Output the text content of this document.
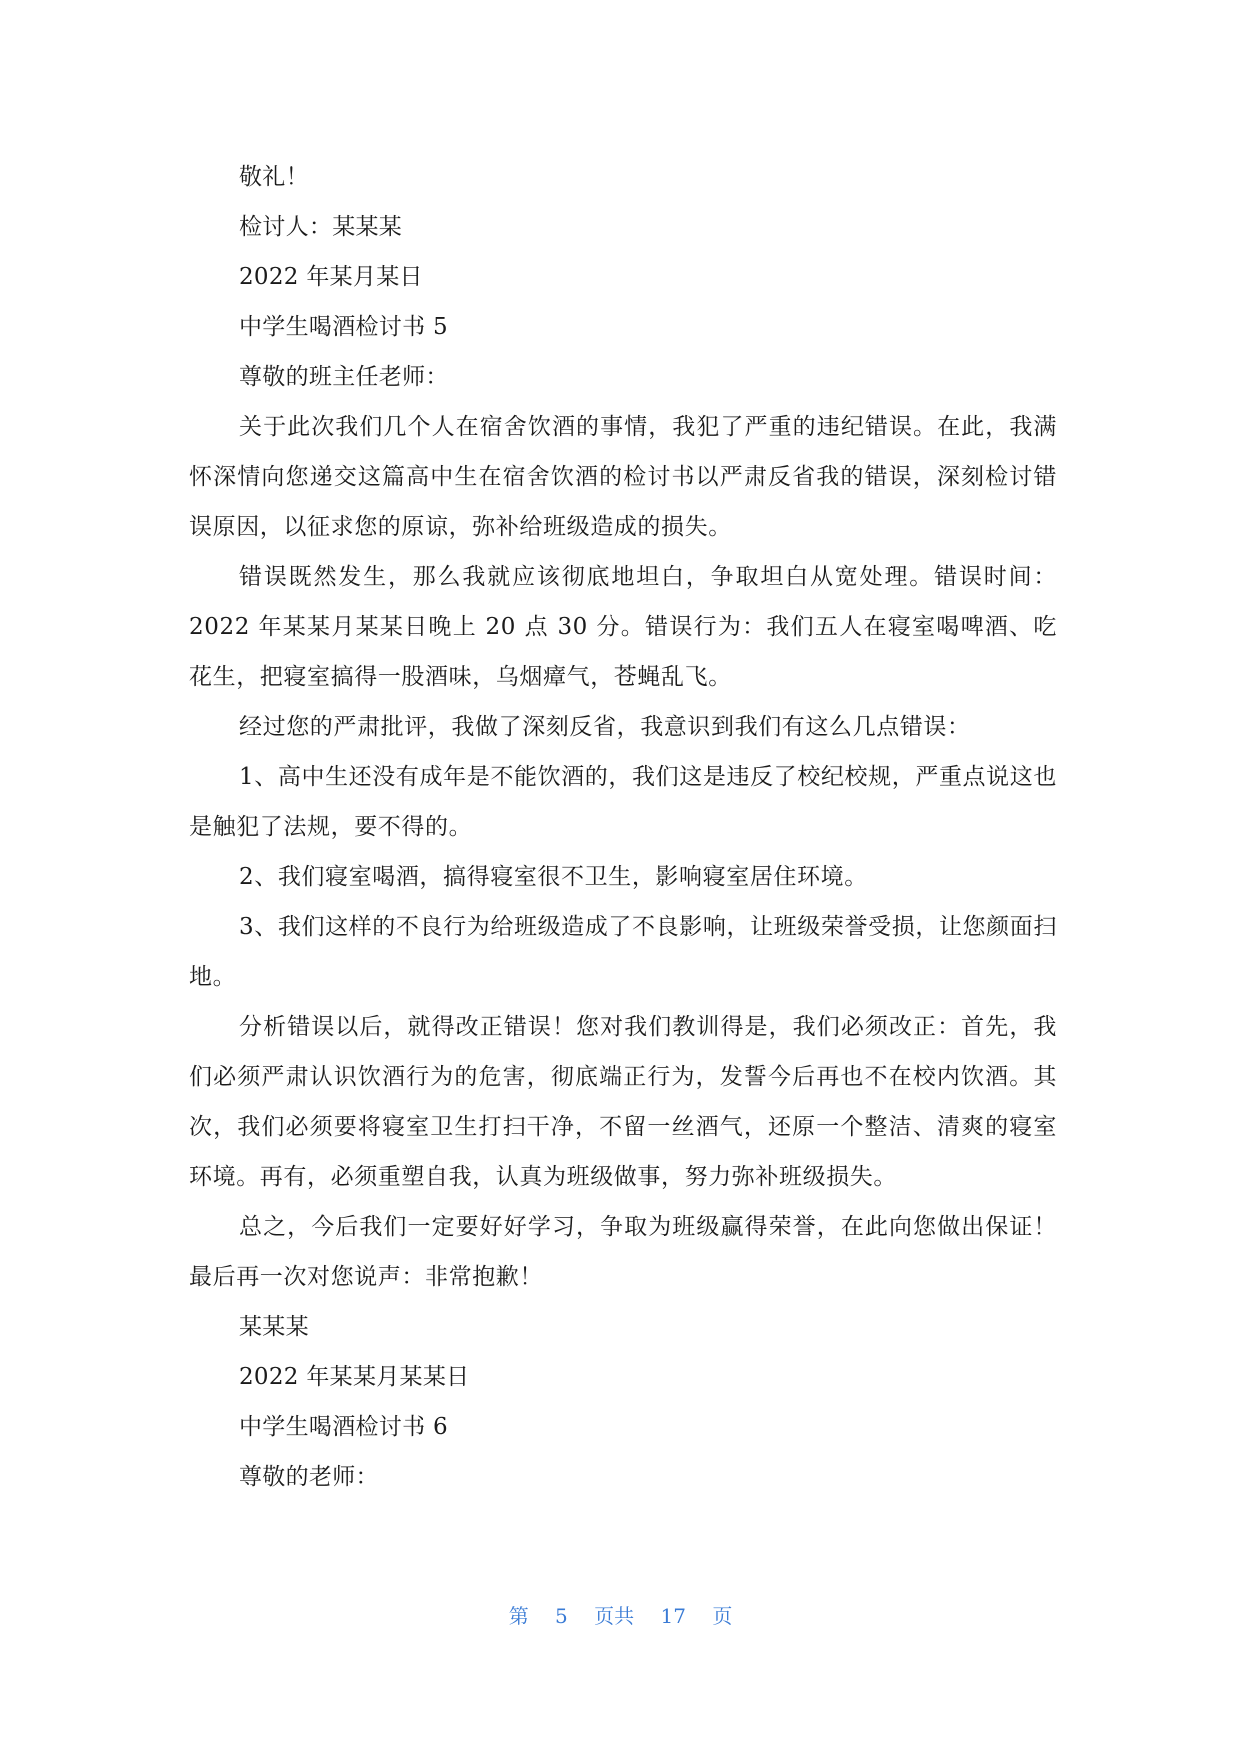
敬礼！
检讨人：某某某
2022 年某月某日
中学生喝酒检讨书 5
尊敬的班主任老师：

关于此次我们几个人在宿舍饮酒的事情，我犯了严重的违纪错误。在此，我满怀深情向您递交这篇高中生在宿舍饮酒的检讨书以严肃反省我的错误，深刻检讨错误原因，以征求您的原谅，弥补给班级造成的损失。

错误既然发生，那么我就应该彻底地坦白，争取坦白从宽处理。错误时间：2022 年某某月某某日晚上 20 点 30 分。错误行为：我们五人在寝室喝啤酒、吃花生，把寝室搞得一股酒味，乌烟瘴气，苍蝇乱飞。

经过您的严肃批评，我做了深刻反省，我意识到我们有这么几点错误：

1、高中生还没有成年是不能饮酒的，我们这是违反了校纪校规，严重点说这也是触犯了法规，要不得的。

2、我们寝室喝酒，搞得寝室很不卫生，影响寝室居住环境。

3、我们这样的不良行为给班级造成了不良影响，让班级荣誉受损，让您颜面扫地。

分析错误以后，就得改正错误！您对我们教训得是，我们必须改正：首先，我们必须严肃认识饮酒行为的危害，彻底端正行为，发誓今后再也不在校内饮酒。其次，我们必须要将寝室卫生打扫干净，不留一丝酒气，还原一个整洁、清爽的寝室环境。再有，必须重塑自我，认真为班级做事，努力弥补班级损失。

总之，今后我们一定要好好学习，争取为班级赢得荣誉，在此向您做出保证！最后再一次对您说声：非常抱歉！

某某某
2022 年某某月某某日
中学生喝酒检讨书 6
尊敬的老师：
第 5 页共 17 页
